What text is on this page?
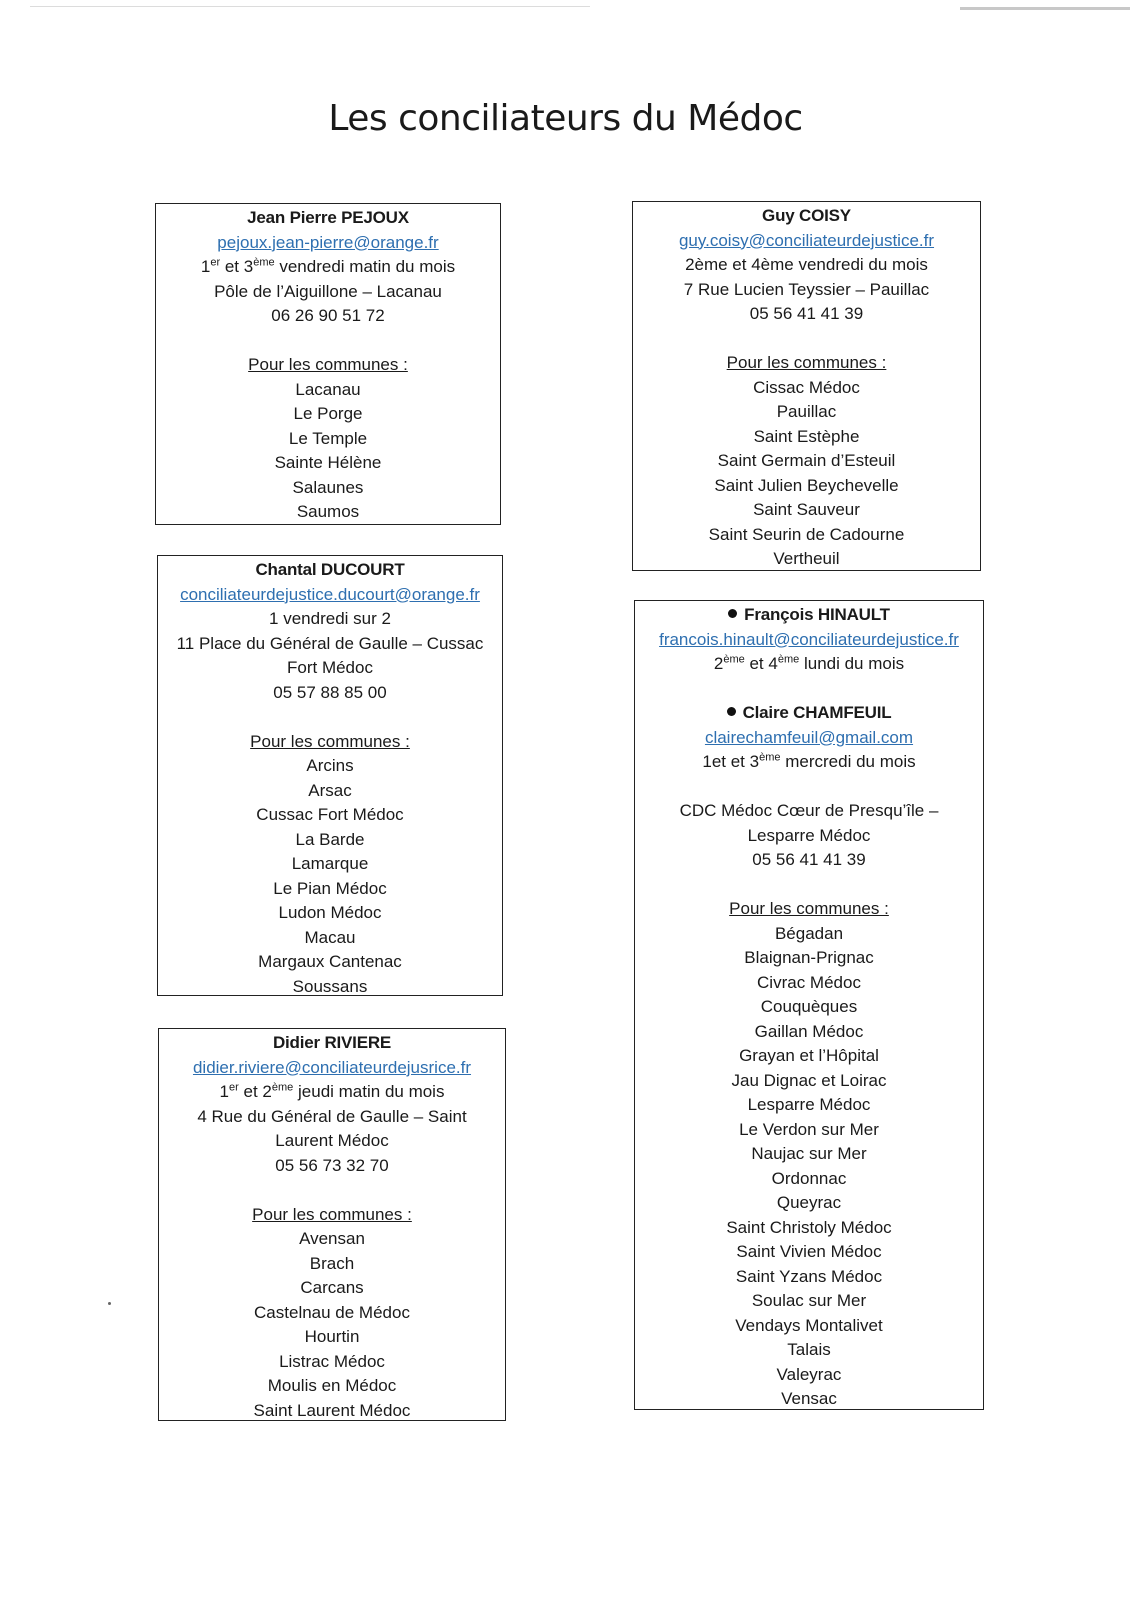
Les conciliateurs du Médoc
Jean Pierre PEJOUX
pejoux.jean-pierre@orange.fr
1er et 3ème vendredi matin du mois
Pôle de l’Aiguillone – Lacanau
06 26 90 51 72
Pour les communes :
Lacanau
Le Porge
Le Temple
Sainte Hélène
Salaunes
Saumos
Chantal DUCOURT
conciliateurdejustice.ducourt@orange.fr
1 vendredi sur 2
11 Place du Général de Gaulle – Cussac
Fort Médoc
05 57 88 85 00
Pour les communes :
Arcins
Arsac
Cussac Fort Médoc
La Barde
Lamarque
Le Pian Médoc
Ludon Médoc
Macau
Margaux Cantenac
Soussans
Didier RIVIERE
didier.riviere@conciliateurdejusrice.fr
1er et 2ème jeudi matin du mois
4 Rue du Général de Gaulle – Saint
Laurent Médoc
05 56 73 32 70
Pour les communes :
Avensan
Brach
Carcans
Castelnau de Médoc
Hourtin
Listrac Médoc
Moulis en Médoc
Saint Laurent Médoc
Guy COISY
guy.coisy@conciliateurdejustice.fr
2ème et 4ème vendredi du mois
7 Rue Lucien Teyssier – Pauillac
05 56 41 41 39
Pour les communes :
Cissac Médoc
Pauillac
Saint Estèphe
Saint Germain d’Esteuil
Saint Julien Beychevelle
Saint Sauveur
Saint Seurin de Cadourne
Vertheuil
François HINAULT
francois.hinault@conciliateurdejustice.fr
2ème et 4ème lundi du mois
Claire CHAMFEUIL
clairechamfeuil@gmail.com
1et et 3ème mercredi du mois
CDC Médoc Cœur de Presqu’île –
Lesparre Médoc
05 56 41 41 39
Pour les communes :
Bégadan
Blaignan-Prignac
Civrac Médoc
Couquèques
Gaillan Médoc
Grayan et l’Hôpital
Jau Dignac et Loirac
Lesparre Médoc
Le Verdon sur Mer
Naujac sur Mer
Ordonnac
Queyrac
Saint Christoly Médoc
Saint Vivien Médoc
Saint Yzans Médoc
Soulac sur Mer
Vendays Montalivet
Talais
Valeyrac
Vensac
